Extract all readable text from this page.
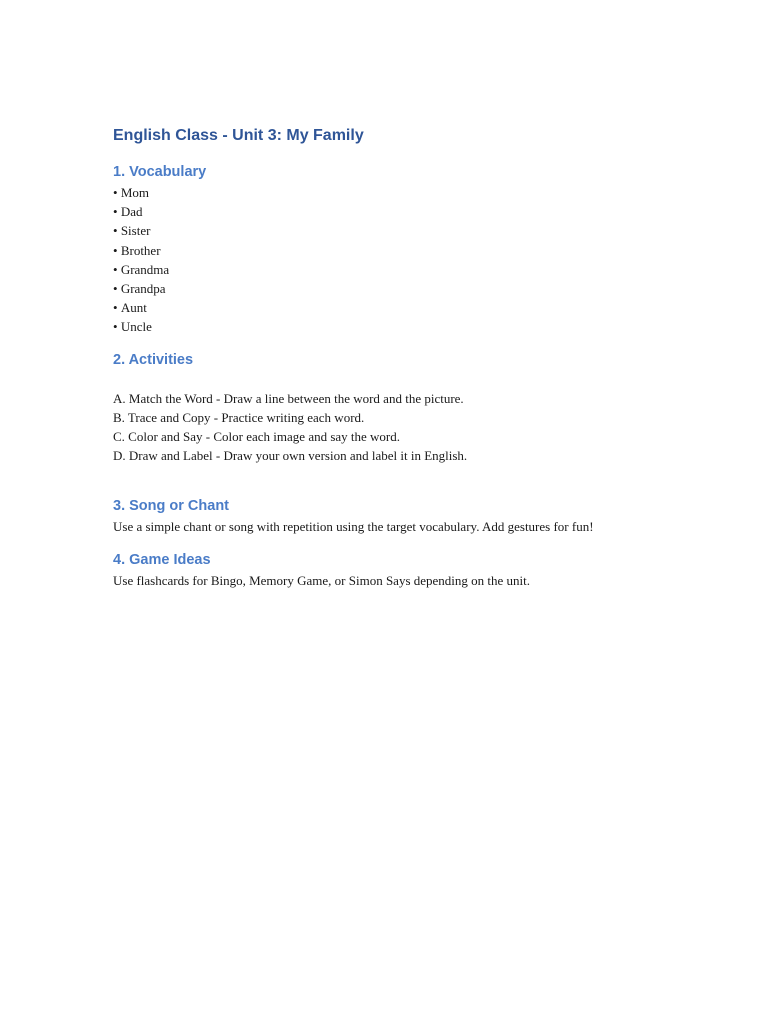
English Class - Unit 3: My Family
1. Vocabulary
• Mom
• Dad
• Sister
• Brother
• Grandma
• Grandpa
• Aunt
• Uncle
2. Activities
A. Match the Word - Draw a line between the word and the picture.
B. Trace and Copy - Practice writing each word.
C. Color and Say - Color each image and say the word.
D. Draw and Label - Draw your own version and label it in English.
3. Song or Chant

Use a simple chant or song with repetition using the target vocabulary. Add gestures for fun!

4. Game Ideas

Use flashcards for Bingo, Memory Game, or Simon Says depending on the unit.
